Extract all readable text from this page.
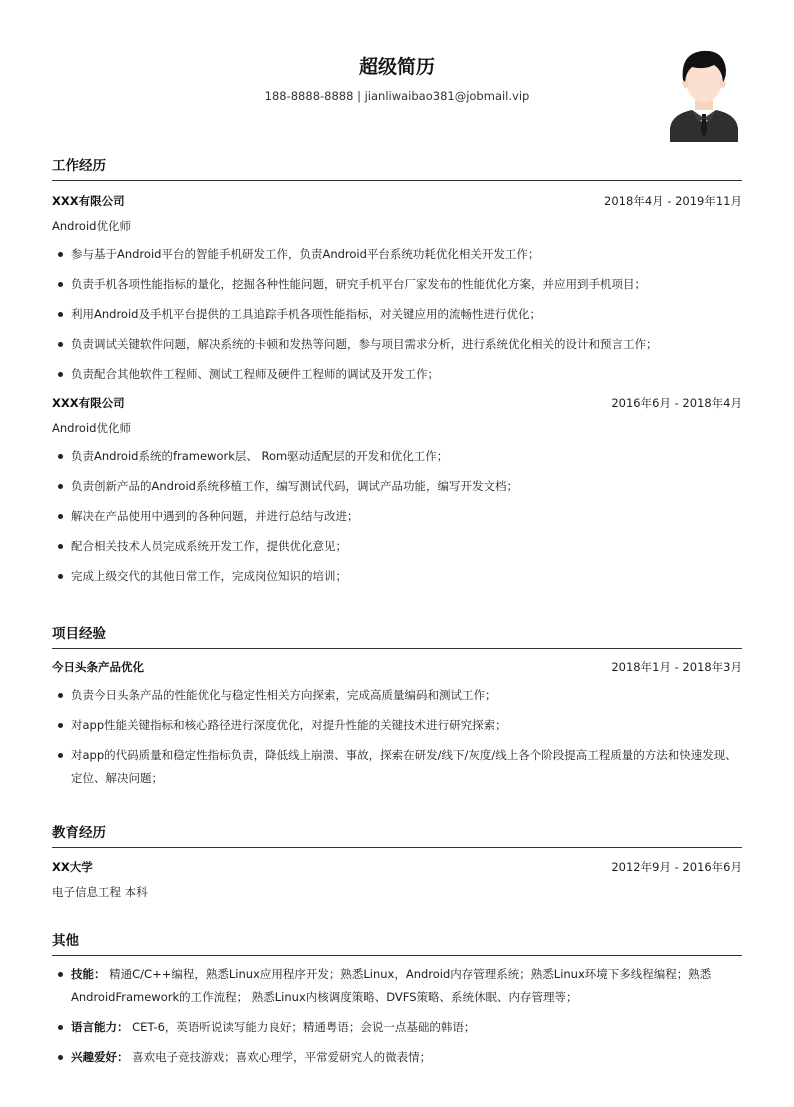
超级简历
188-8888-8888 | jianliwaibao381@jobmail.vip
工作经历
XXX有限公司	2018年4月 - 2019年11月
Android优化师
参与基于Android平台的智能手机研发工作，负责Android平台系统功耗优化相关开发工作；
负责手机各项性能指标的量化，挖掘各种性能问题，研究手机平台厂家发布的性能优化方案，并应用到手机项目；
利用Android及手机平台提供的工具追踪手机各项性能指标，对关键应用的流畅性进行优化；
负责调试关键软件问题，解决系统的卡顿和发热等问题，参与项目需求分析，进行系统优化相关的设计和预言工作；
负责配合其他软件工程师、测试工程师及硬件工程师的调试及开发工作；
XXX有限公司	2016年6月 - 2018年4月
Android优化师
负责Android系统的framework层、 Rom驱动适配层的开发和优化工作；
负责创新产品的Android系统移植工作，编写测试代码，调试产品功能，编写开发文档；
解决在产品使用中遇到的各种问题，并进行总结与改进；
配合相关技术人员完成系统开发工作，提供优化意见；
完成上级交代的其他日常工作，完成岗位知识的培训；
项目经验
今日头条产品优化	2018年1月 - 2018年3月
负责今日头条产品的性能优化与稳定性相关方向探索，完成高质量编码和测试工作；
对app性能关键指标和核心路径进行深度优化，对提升性能的关键技术进行研究探索；
对app的代码质量和稳定性指标负责，降低线上崩溃、事故，探索在研发/线下/灰度/线上各个阶段提高工程质量的方法和快速发现、定位、解决问题；
教育经历
XX大学	2012年9月 - 2016年6月
电子信息工程 本科
其他
技能： 精通C/C++编程，熟悉Linux应用程序开发；熟悉Linux，Android内存管理系统；熟悉Linux环境下多线程编程；熟悉AndroidFramework的工作流程； 熟悉Linux内核调度策略、DVFS策略、系统休眠、内存管理等；
语言能力： CET-6，英语听说读写能力良好；精通粤语；会说一点基础的韩语；
兴趣爱好： 喜欢电子竞技游戏；喜欢心理学，平常爱研究人的微表情；
